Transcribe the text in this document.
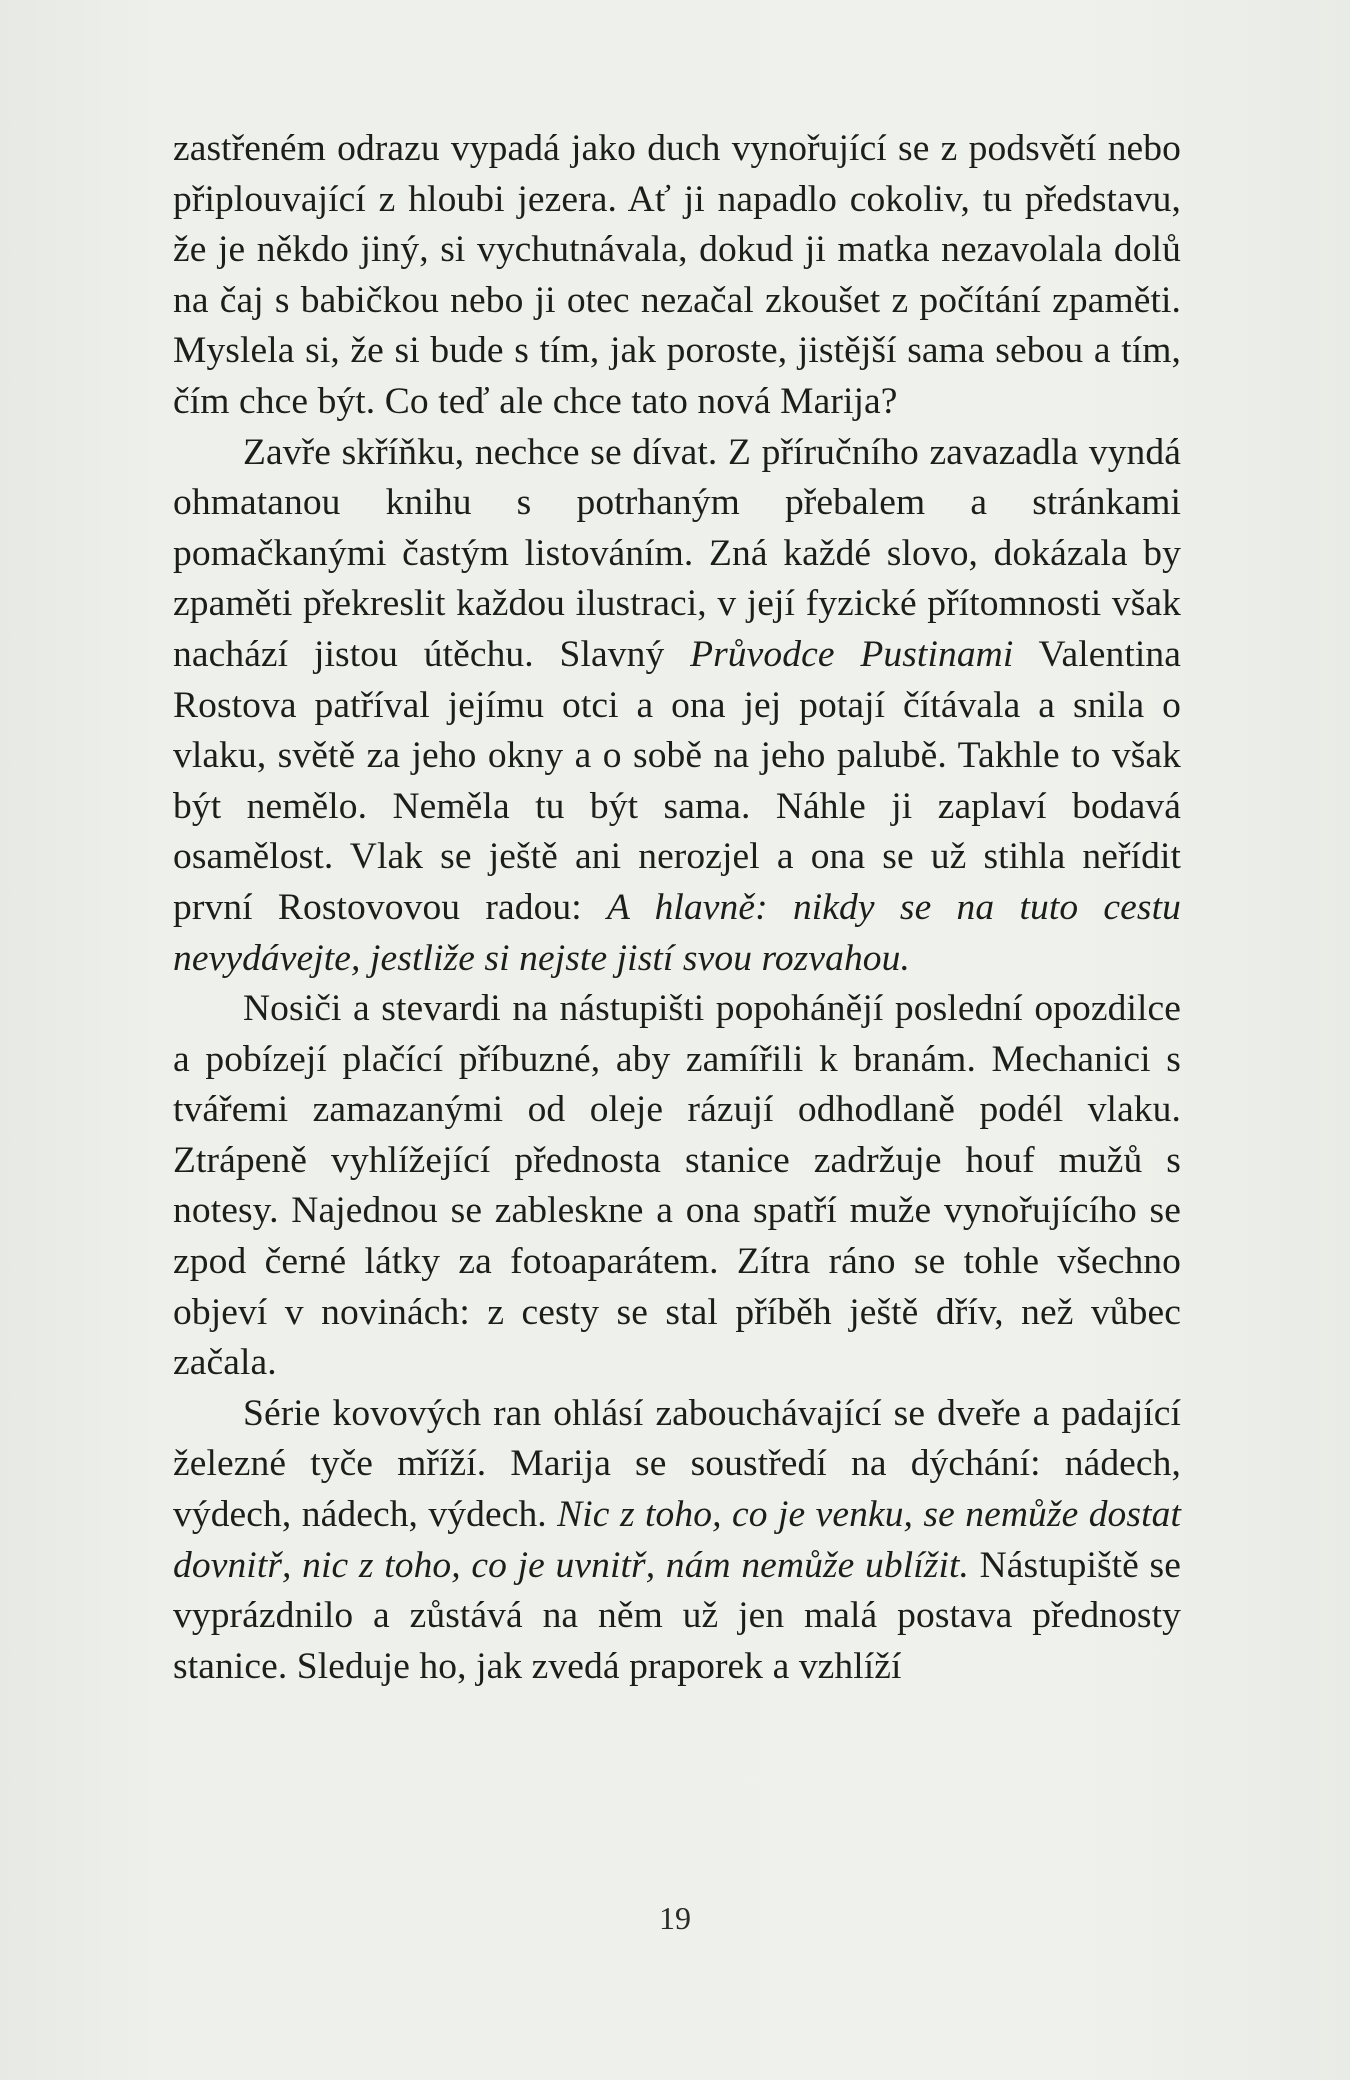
zastřeném odrazu vypadá jako duch vynořující se z podsvětí nebo připlouvající z hloubi jezera. Ať ji napadlo cokoliv, tu představu, že je někdo jiný, si vychutnávala, dokud ji matka nezavolala dolů na čaj s babičkou nebo ji otec nezačal zkoušet z počítání zpaměti. Myslela si, že si bude s tím, jak poroste, jistější sama sebou a tím, čím chce být. Co teď ale chce tato nová Marija?

Zavře skříňku, nechce se dívat. Z příručního zavazadla vyndá ohmatanou knihu s potrhaným přebalem a stránkami pomačkanými častým listováním. Zná každé slovo, dokázala by zpaměti překreslit každou ilustraci, v její fyzické přítomnosti však nachází jistou útěchu. Slavný Průvodce Pustinami Valentina Rostova patříval jejímu otci a ona jej potají čítávala a snila o vlaku, světě za jeho okny a o sobě na jeho palubě. Takhle to však být nemělo. Neměla tu být sama. Náhle ji zaplaví bodavá osamělost. Vlak se ještě ani nerozjel a ona se už stihla neřídit první Rostovovou radou: A hlavně: nikdy se na tuto cestu nevydávejte, jestliže si nejste jistí svou rozvahou.

Nosiči a stevardi na nástupišti popohánějí poslední opozdilce a pobízejí plačící příbuzné, aby zamířili k branám. Mechanici s tvářemi zamazanými od oleje rázují odhodlaně podél vlaku. Ztrápeně vyhlížející přednosta stanice zadržuje houf mužů s notesy. Najednou se zableskne a ona spatří muže vynořujícího se zpod černé látky za fotoaparátem. Zítra ráno se tohle všechno objeví v novinách: z cesty se stal příběh ještě dřív, než vůbec začala.

Série kovových ran ohlásí zabouchávající se dveře a padající železné tyče mříží. Marija se soustředí na dýchání: nádech, výdech, nádech, výdech. Nic z toho, co je venku, se nemůže dostat dovnitř, nic z toho, co je uvnitř, nám nemůže ublížit. Nástupiště se vyprázdnilo a zůstává na něm už jen malá postava přednosty stanice. Sleduje ho, jak zvedá praporek a vzhlíží

19
